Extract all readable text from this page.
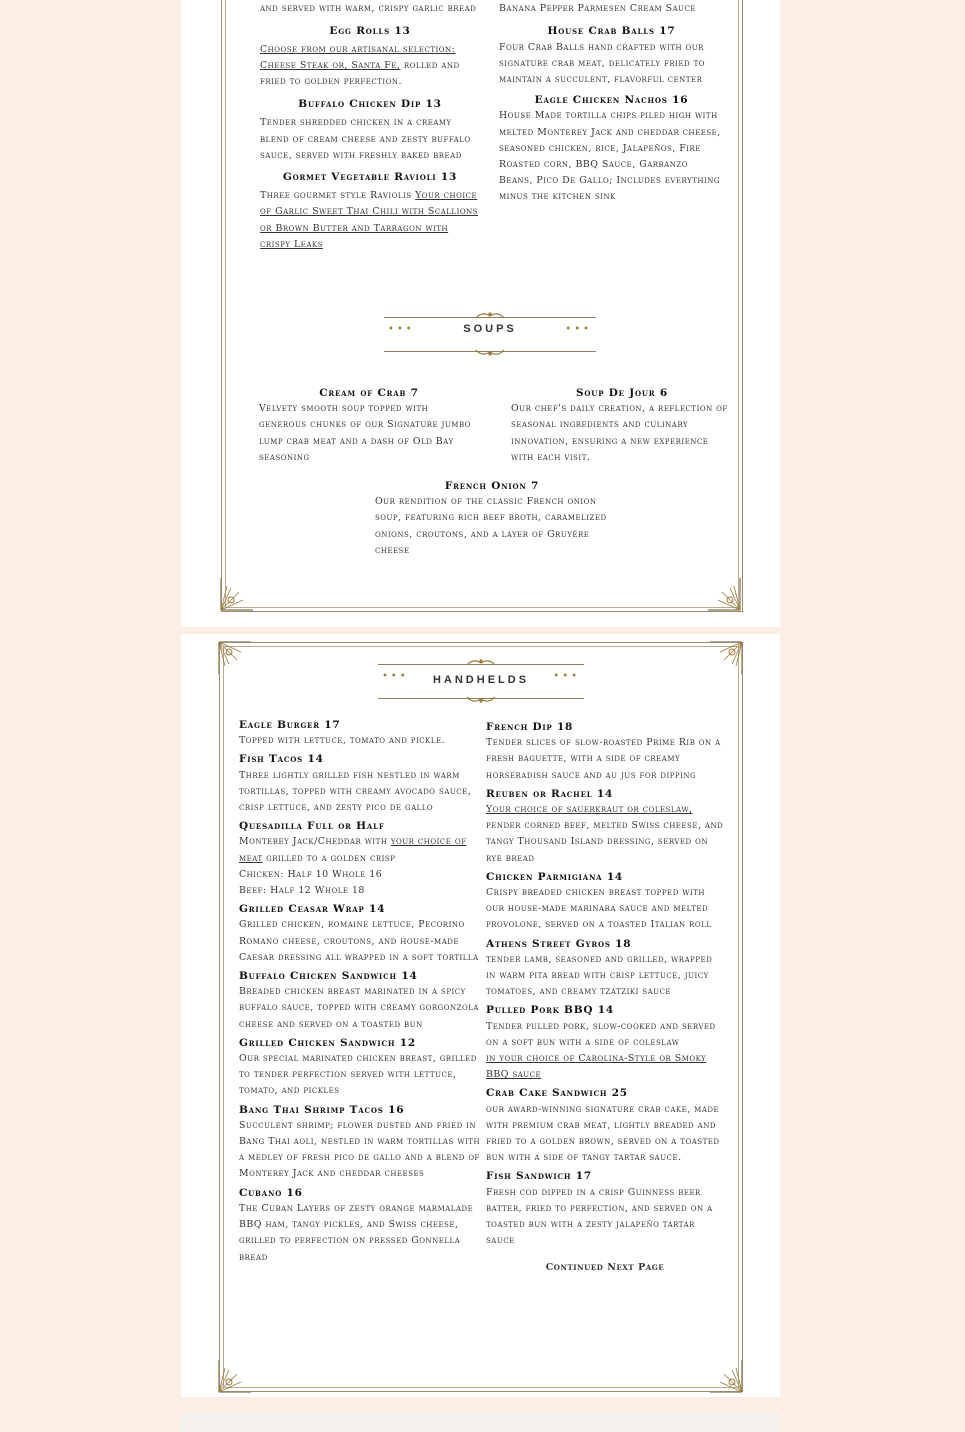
and served with warm, crispy garlic bread

Egg Rolls 13

Choose from our artisanal selection: Cheese Steak or, Santa Fe, rolled and fried to golden perfection.

Buffalo Chicken Dip 13

Tender shredded chicken in a creamy blend of cream cheese and zesty buffalo sauce, served with freshly baked bread

Gormet Vegetable Ravioli 13

Three gourmet style Raviolis Your choice of Garlic Sweet Thai Chili with Scallions or Brown Butter and Tarragon with crispy Leaks

Banana Pepper Parmesen Cream Sauce

House Crab Balls 17

Four Crab Balls hand crafted with our signature crab meat, delicately fried to maintain a succulent, flavorful center

Eagle Chicken Nachos 16

House Made tortilla chips piled high with melted Monterey Jack and cheddar cheese, seasoned chicken, rice, Jalapeños, Fire Roasted corn, BBQ Sauce, Garbanzo Beans, Pico De Gallo; Includes everything minus the kitchen sink

•••	SOUPS	•••
Cream of Crab 7

Velvety smooth soup topped with generous chunks of our Signature jumbo lump crab meat and a dash of Old Bay seasoning

Soup De Jour 6

Our chef's daily creation, a reflection of seasonal ingredients and culinary innovation, ensuring a new experience with each visit.

French Onion 7

Our rendition of the classic French onion soup, featuring rich beef broth, caramelized onions, croutons, and a layer of Gruyère cheese

•••	HANDHELDS	•••
Eagle Burger 17

Topped with lettuce, tomato and pickle.

Fish Tacos 14

Three lightly grilled fish nestled in warm tortillas, topped with creamy avocado sauce, crisp lettuce, and zesty pico de gallo

Quesadilla Full or Half

Monterey Jack/Cheddar with your choice of meat grilled to a golden crisp

Chicken: Half 10 Whole 16

Beef: Half 12 Whole 18

Grilled Ceasar Wrap 14

Grilled chicken, romaine lettuce, Pecorino Romano cheese, croutons, and house-made Caesar dressing all wrapped in a soft tortilla

Buffalo Chicken Sandwich 14

Breaded chicken breast marinated in a spicy buffalo sauce, topped with creamy gorgonzola cheese and served on a toasted bun

Grilled Chicken Sandwich 12

Our special marinated chicken breast, grilled to tender perfection served with lettuce, tomato, and pickles

Bang Thai Shrimp Tacos 16

Succulent shrimp; flower dusted and fried in Bang Thai aoli, nestled in warm tortillas with a medley of fresh pico de gallo and a blend of Monterey Jack and cheddar cheeses

Cubano 16

The Cuban Layers of zesty orange marmalade BBQ ham, tangy pickles, and Swiss cheese, grilled to perfection on pressed Gonnella bread

French Dip 18

Tender slices of slow-roasted Prime Rib on a fresh baguette, with a side of creamy horseradish sauce and au jus for dipping

Reuben or Rachel 14

Your choice of sauerkraut or coleslaw, pender corned beef, melted Swiss cheese, and tangy Thousand Island dressing, served on rye bread

Chicken Parmigiana 14

Crispy breaded chicken breast topped with our house-made marinara sauce and melted provolone, served on a toasted Italian roll

Athens Street Gyros 18

tender lamb, seasoned and grilled, wrapped in warm pita bread with crisp lettuce, juicy tomatoes, and creamy tzatziki sauce

Pulled Pork BBQ 14

Tender pulled pork, slow-cooked and served on a soft bun with a side of coleslaw

in your choice of Carolina-Style or Smoky BBQ sauce

Crab Cake Sandwich 25

our award-winning signature crab cake, made with premium crab meat, lightly breaded and fried to a golden brown, served on a toasted bun with a side of tangy tartar sauce.

Fish Sandwich 17

Fresh cod dipped in a crisp Guinness beer batter, fried to perfection, and served on a toasted bun with a zesty jalapeño tartar sauce

Continued Next Page
